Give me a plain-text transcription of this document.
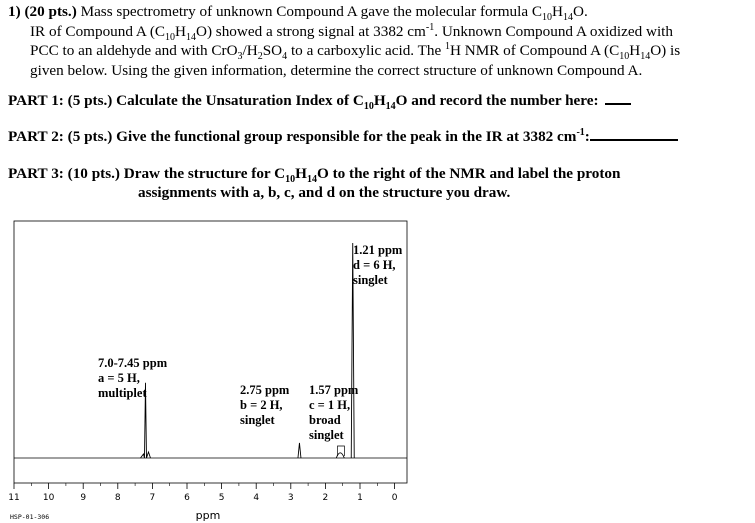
1) (20 pts.) Mass spectrometry of unknown Compound A gave the molecular formula $C_{10}H_{14}O$.
IR of Compound A $(C_{10}H_{14}O)$ showed a strong signal at 3382 $cm^{-1}$. Unknown Compound A oxidized with
PCC to an aldehyde and with $CrO_3/H_2SO_4$ to a carboxylic acid. The $^1$H NMR of Compound A $(C_{10}H_{14}O)$ is
given below. Using the given information, determine the correct structure of unknown Compound A.
PART 1: (5 pts.) Calculate the Unsaturation Index of $C_{10}H_{14}O$ and record the number here:
PART 2: (5 pts.) Give the functional group responsible for the peak in the IR at 3382 $cm^{-1}$:
PART 3: (10 pts.) Draw the structure for $C_{10}H_{14}O$ to the right of the NMR and label the proton
assignments with a, b, c, and d on the structure you draw.
11	10	9	8	7	6	5	4	3	2	1	0
HSP-01-306	ppm
7.0-7.45 ppm
a = 5 H,
multiplet	2.75 ppm
b = 2 H,
singlet
1.57 ppm
c = 1 H,
broad
singlet
1.21 ppm
d = 6 H,
singlet
